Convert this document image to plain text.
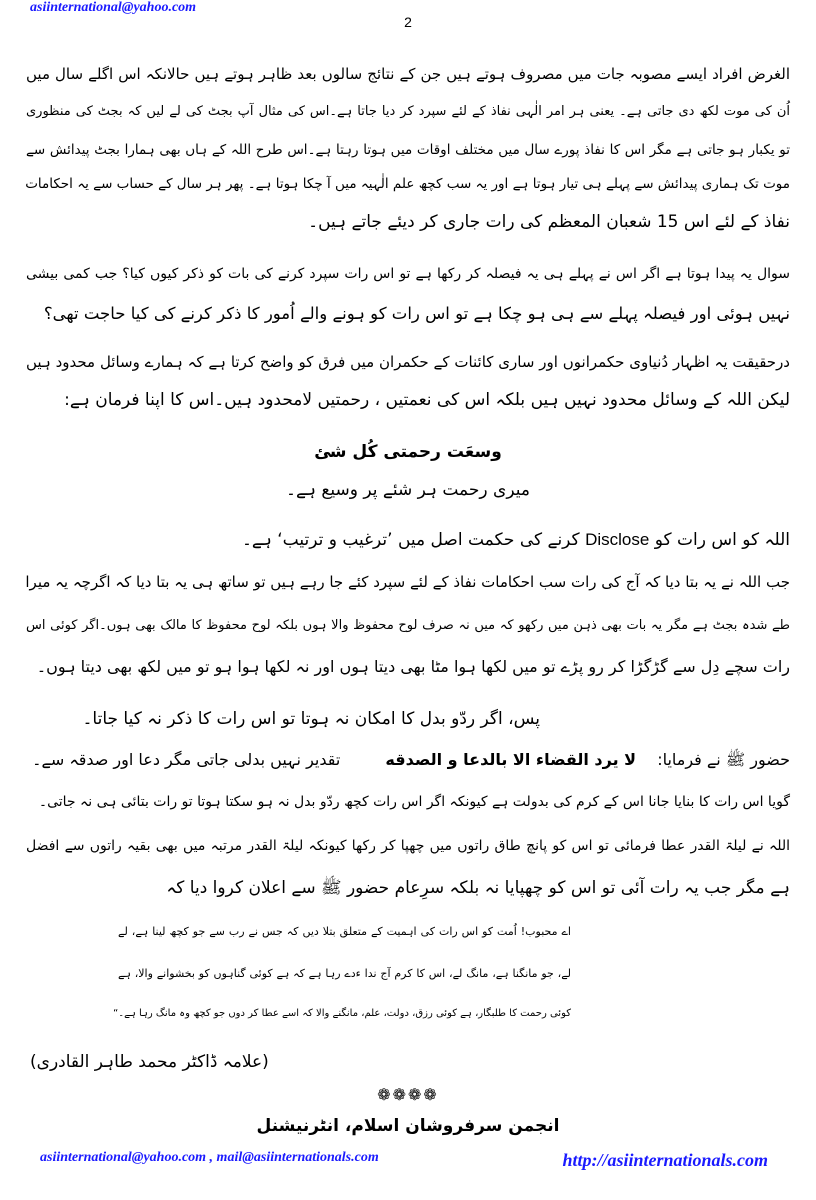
asiinternational@yahoo.com
2
الغرض افراد ایسے مصوبہ جات میں مصروف ہوتے ہیں جن کے نتائج سالوں بعد ظاہر ہوتے ہیں حالانکہ اس اگلے سال میں
اُن کی موت لکھ دی جاتی ہے۔ یعنی ہر امر الٰہی نفاذ کے لئے سپرد کر دیا جاتا ہے۔اس کی مثال آپ بجٹ کی لے لیں کہ بجٹ کی منظوری
تو یکبار ہو جاتی ہے مگر اس کا نفاذ پورے سال میں مختلف اوقات میں ہوتا رہتا ہے۔اس طرح اللہ کے ہاں بھی ہمارا بجٹ پیدائش سے
موت تک ہماری پیدائش سے پہلے ہی تیار ہوتا ہے اور یہ سب کچھ علم الٰہیہ میں آ چکا ہوتا ہے۔ پھر ہر سال کے حساب سے یہ احکامات
نفاذ کے لئے اس 15 شعبان المعظم کی رات جاری کر دیئے جاتے ہیں۔
سوال یہ پیدا ہوتا ہے اگر اس نے پہلے ہی یہ فیصلہ کر رکھا ہے تو اس رات سپرد کرنے کی بات کو ذکر کیوں کیا؟ جب کمی بیشی
نہیں ہوئی اور فیصلہ پہلے سے ہی ہو چکا ہے تو اس رات کو ہونے والے اُمور کا ذکر کرنے کی کیا حاجت تھی؟
درحقیقت یہ اظہار دُنیاوی حکمرانوں اور ساری کائنات کے حکمران میں فرق کو واضح کرتا ہے کہ ہمارے وسائل محدود ہیں
لیکن اللہ کے وسائل محدود نہیں ہیں بلکہ اس کی نعمتیں ، رحمتیں لامحدود ہیں۔اس کا اپنا فرمان ہے:
وسعَت رحمتی کُل شئ
میری رحمت ہر شئے پر وسیع ہے۔
اللہ کو اس رات کو Disclose کرنے کی حکمت اصل میں ’ترغیب و ترتیب‘ ہے۔
جب اللہ نے یہ بتا دیا کہ آج کی رات سب احکامات نفاذ کے لئے سپرد کئے جا رہے ہیں تو ساتھ ہی یہ بتا دیا کہ اگرچہ یہ میرا
طے شدہ بجٹ ہے مگر یہ بات بھی ذہن میں رکھو کہ میں نہ صرف لوح محفوظ والا ہوں بلکہ لوح محفوظ کا مالک بھی ہوں۔اگر کوئی اس
رات سچے دِل سے گڑگڑا کر رو پڑے تو میں لکھا ہوا مٹا بھی دیتا ہوں اور نہ لکھا ہوا ہو تو میں لکھ بھی دیتا ہوں۔
پس، اگر ردّو بدل کا امکان نہ ہوتا تو اس رات کا ذکر نہ کیا جاتا۔
حضور ﷺ نے فرمایا: لا یرد القضاء الا بالدعا و الصدقه تقدیر نہیں بدلی جاتی مگر دعا اور صدقہ سے۔
گویا اس رات کا بنایا جانا اس کے کرم کی بدولت ہے کیونکہ اگر اس رات کچھ ردّو بدل نہ ہو سکتا ہوتا تو رات بتائی ہی نہ جاتی۔
اللہ نے لیلۃ القدر عطا فرمائی تو اس کو پانچ طاق راتوں میں چھپا کر رکھا کیونکہ لیلۃ القدر مرتبہ میں بھی بقیہ راتوں سے افضل
ہے مگر جب یہ رات آئی تو اس کو چھپایا نہ بلکہ سرِعام حضور ﷺ سے اعلان کروا دیا کہ
اے محبوب! اُمت کو اس رات کی اہمیت کے متعلق بتلا دیں کہ جس نے رب سے جو کچھ لینا ہے، لے
لے، جو مانگنا ہے، مانگ لے، اس کا کرم آج ندا ءدے رہا ہے کہ ہے کوئی گناہوں کو بخشوانے والا، ہے
کوئی رحمت کا طلبگار، ہے کوئی رزق، دولت، علم، مانگنے والا کہ اسے عطا کر دوں جو کچھ وہ مانگ رہا ہے۔“
(علامہ ڈاکٹر محمد طاہر القادری)
❁❁❁❁
انجمن سرفروشان اسلام، انٹرنیشنل
asiinternational@yahoo.com , mail@asiinternationals.com	http://asiinternationals.com
